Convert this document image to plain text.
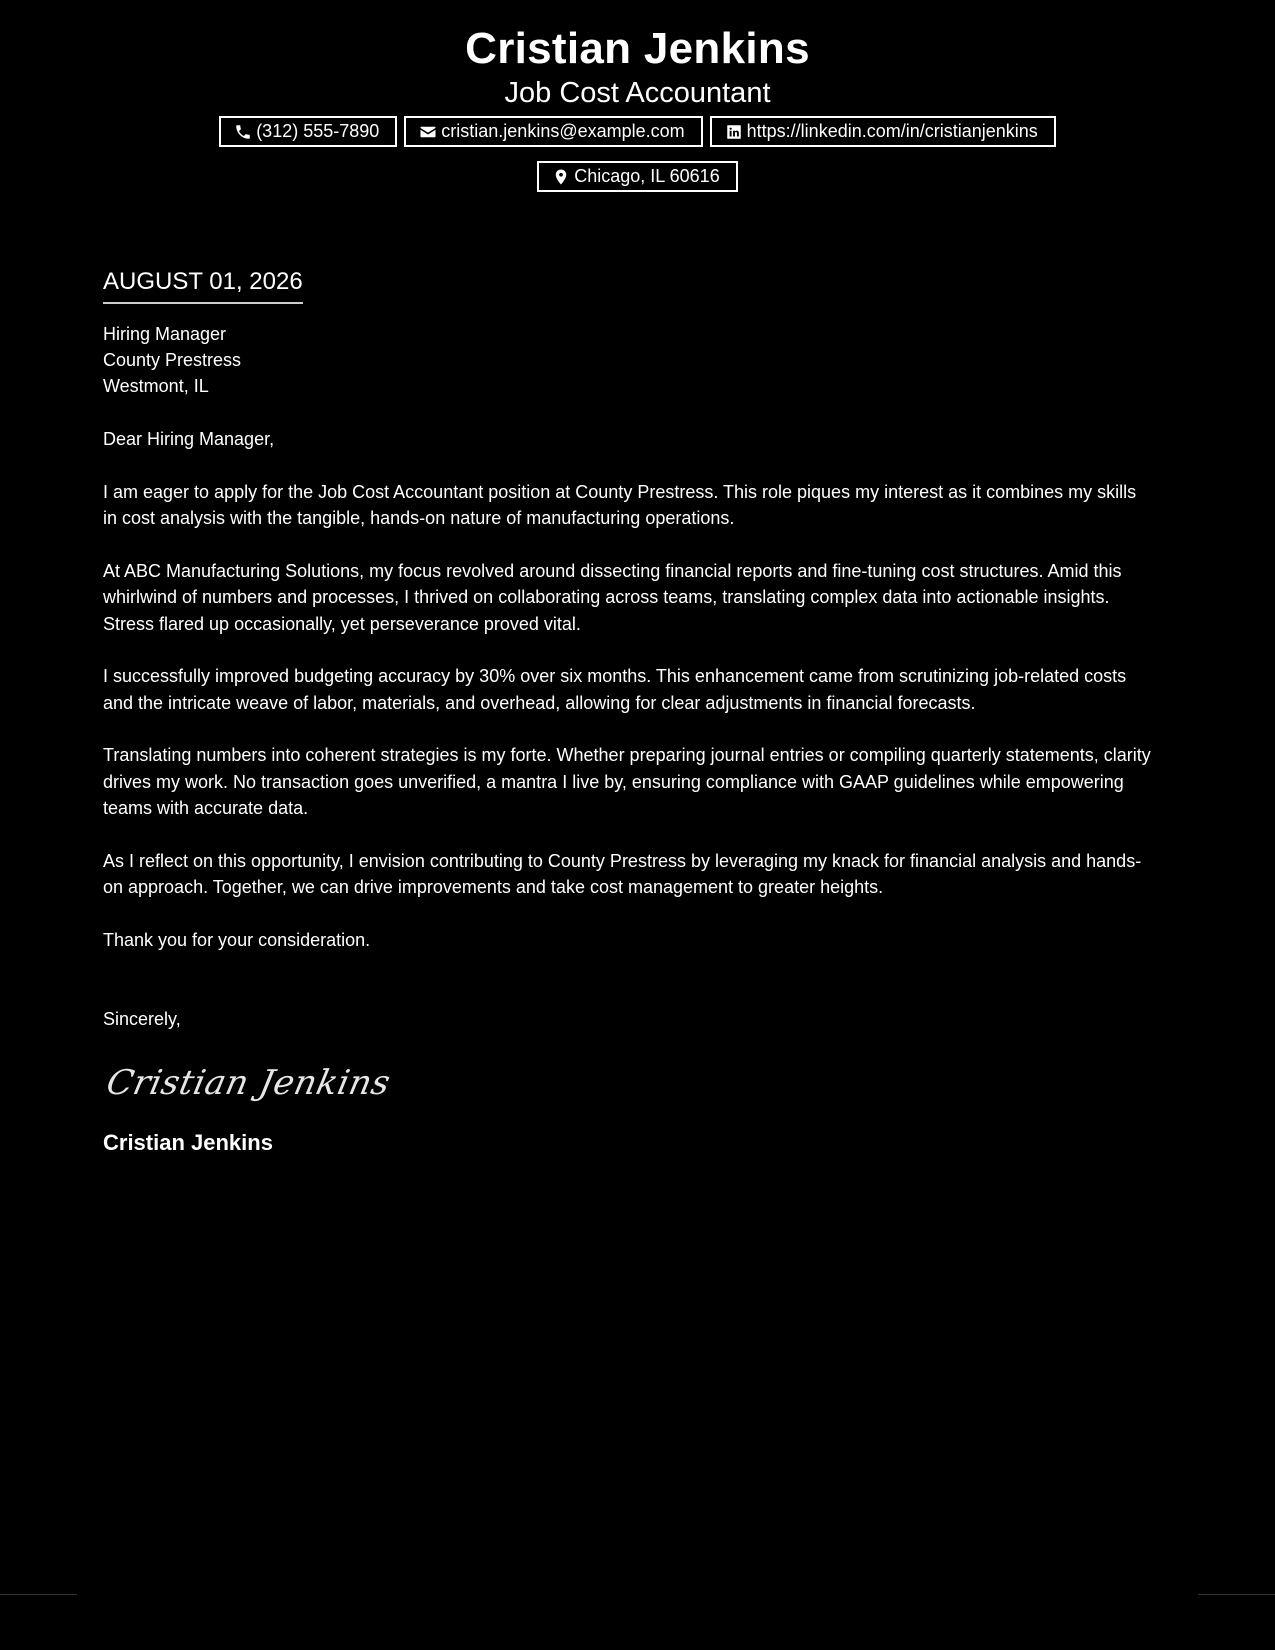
Cristian Jenkins
Job Cost Accountant
(312) 555-7890	cristian.jenkins@example.com	https://linkedin.com/in/cristianjenkins
Chicago, IL 60616
AUGUST 01, 2026
Hiring Manager
County Prestress
Westmont, IL
Dear Hiring Manager,

I am eager to apply for the Job Cost Accountant position at County Prestress. This role piques my interest as it combines my skills in cost analysis with the tangible, hands-on nature of manufacturing operations.

At ABC Manufacturing Solutions, my focus revolved around dissecting financial reports and fine-tuning cost structures. Amid this whirlwind of numbers and processes, I thrived on collaborating across teams, translating complex data into actionable insights. Stress flared up occasionally, yet perseverance proved vital.

I successfully improved budgeting accuracy by 30% over six months. This enhancement came from scrutinizing job-related costs and the intricate weave of labor, materials, and overhead, allowing for clear adjustments in financial forecasts.

Translating numbers into coherent strategies is my forte. Whether preparing journal entries or compiling quarterly statements, clarity drives my work. No transaction goes unverified, a mantra I live by, ensuring compliance with GAAP guidelines while empowering teams with accurate data.

As I reflect on this opportunity, I envision contributing to County Prestress by leveraging my knack for financial analysis and hands-on approach. Together, we can drive improvements and take cost management to greater heights.

Thank you for your consideration.

Sincerely,
Cristian Jenkins
Cristian Jenkins
